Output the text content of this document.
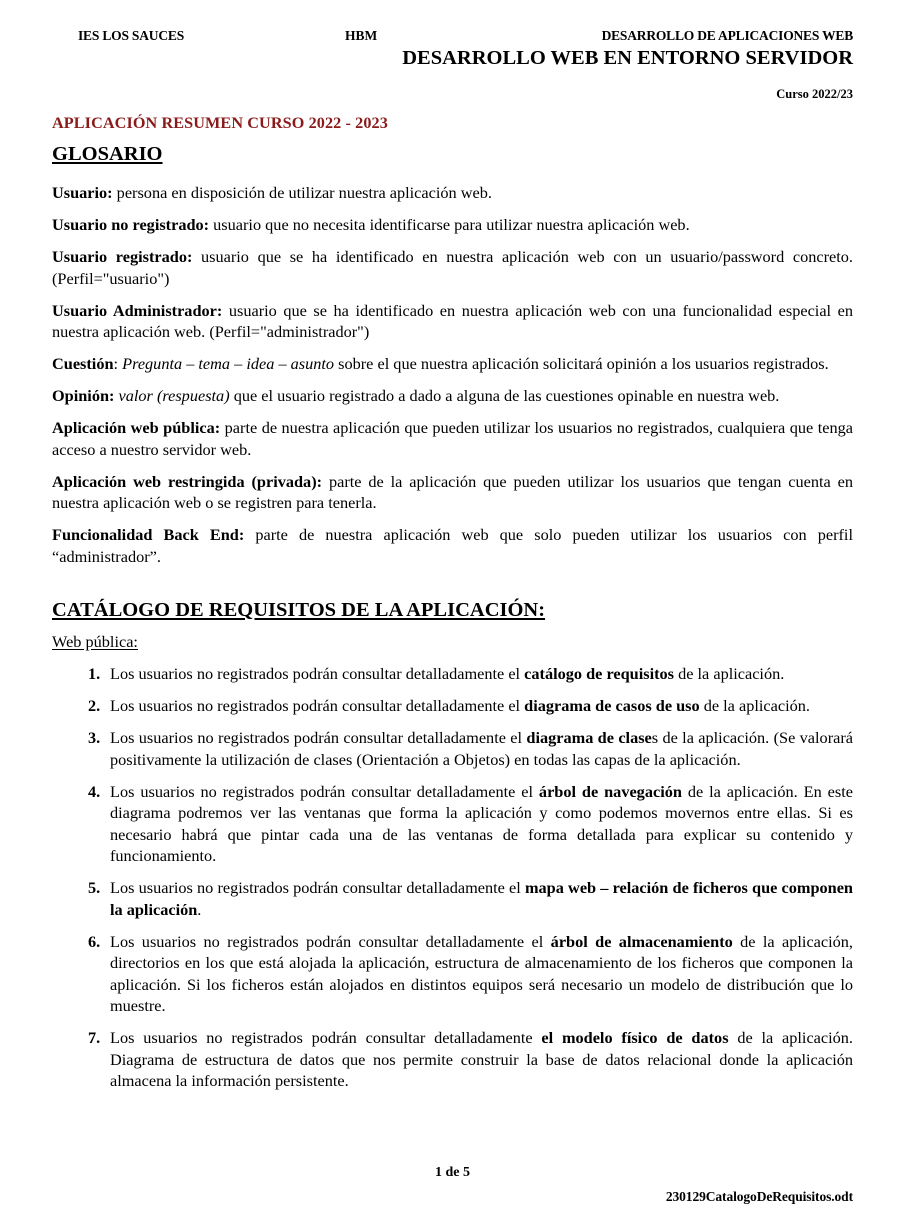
IES LOS SAUCES	HBM	DESARROLLO DE APLICACIONES WEB
DESARROLLO WEB EN ENTORNO SERVIDOR
Curso 2022/23
APLICACIÓN RESUMEN CURSO 2022 - 2023
GLOSARIO

Usuario: persona en disposición de utilizar nuestra aplicación web.

Usuario no registrado: usuario que no necesita identificarse para utilizar nuestra aplicación web.

Usuario registrado: usuario que se ha identificado en nuestra aplicación web con un usuario/password concreto. (Perfil="usuario")

Usuario Administrador: usuario que se ha identificado en nuestra aplicación web con una funcionalidad especial en nuestra aplicación web. (Perfil="administrador")

Cuestión: Pregunta – tema – idea – asunto sobre el que nuestra aplicación solicitará opinión a los usuarios registrados.

Opinión: valor (respuesta) que el usuario registrado a dado a alguna de las cuestiones opinable en nuestra web.

Aplicación web pública: parte de nuestra aplicación que pueden utilizar los usuarios no registrados, cualquiera que tenga acceso a nuestro servidor web.

Aplicación web restringida (privada): parte de la aplicación que pueden utilizar los usuarios que tengan cuenta en nuestra aplicación web o se registren para tenerla.

Funcionalidad Back End: parte de nuestra aplicación web que solo pueden utilizar los usuarios con perfil “administrador”.

CATÁLOGO DE REQUISITOS DE LA APLICACIÓN:
Web pública:
1. Los usuarios no registrados podrán consultar detalladamente el catálogo de requisitos de la aplicación.
2. Los usuarios no registrados podrán consultar detalladamente el diagrama de casos de uso de la aplicación.
3. Los usuarios no registrados podrán consultar detalladamente el diagrama de clases de la aplicación. (Se valorará positivamente la utilización de clases (Orientación a Objetos) en todas las capas de la aplicación.
4. Los usuarios no registrados podrán consultar detalladamente el árbol de navegación de la aplicación. En este diagrama podremos ver las ventanas que forma la aplicación y como podemos movernos entre ellas. Si es necesario habrá que pintar cada una de las ventanas de forma detallada para explicar su contenido y funcionamiento.
5. Los usuarios no registrados podrán consultar detalladamente el mapa web – relación de ficheros que componen la aplicación.
6. Los usuarios no registrados podrán consultar detalladamente el árbol de almacenamiento de la aplicación, directorios en los que está alojada la aplicación, estructura de almacenamiento de los ficheros que componen la aplicación. Si los ficheros están alojados en distintos equipos será necesario un modelo de distribución que lo muestre.
7. Los usuarios no registrados podrán consultar detalladamente el modelo físico de datos de la aplicación. Diagrama de estructura de datos que nos permite construir la base de datos relacional donde la aplicación almacena la información persistente.
1 de 5
230129CatalogoDeRequisitos.odt
